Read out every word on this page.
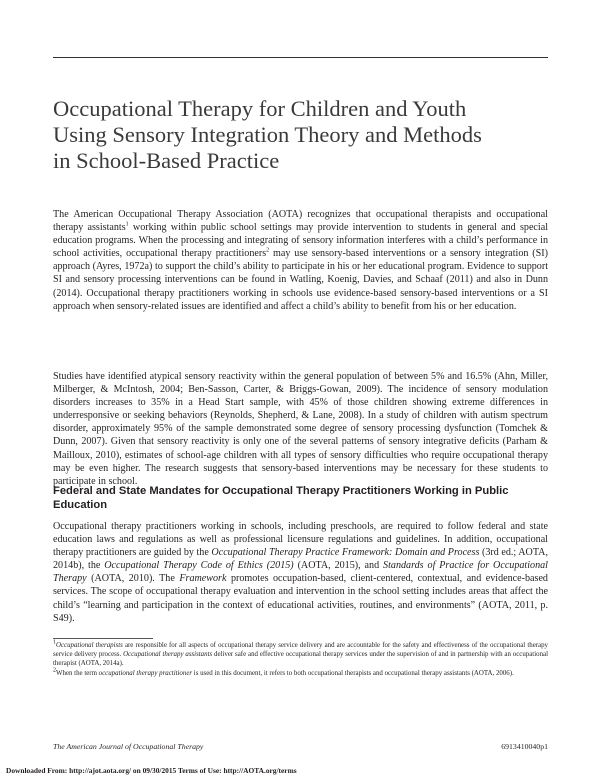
Occupational Therapy for Children and Youth Using Sensory Integration Theory and Methods in School-Based Practice

The American Occupational Therapy Association (AOTA) recognizes that occupational therapists and occupational therapy assistants$^1$ working within public school settings may provide intervention to students in general and special education programs. When the processing and integrating of sensory information interferes with a child’s performance in school activities, occupational therapy practitioners$^2$ may use sensory-based interventions or a sensory integration (SI) approach (Ayres, 1972a) to support the child’s ability to participate in his or her educational program. Evidence to support SI and sensory processing interventions can be found in Watling, Koenig, Davies, and Schaaf (2011) and also in Dunn (2014). Occupational therapy practitioners working in schools use evidence-based sensory-based interventions or a SI approach when sensory-related issues are identified and affect a child’s ability to benefit from his or her education.

Studies have identified atypical sensory reactivity within the general population of between 5% and 16.5% (Ahn, Miller, Milberger, & McIntosh, 2004; Ben-Sasson, Carter, & Briggs-Gowan, 2009). The incidence of sensory modulation disorders increases to 35% in a Head Start sample, with 45% of those children showing extreme differences in underresponsive or seeking behaviors (Reynolds, Shepherd, & Lane, 2008). In a study of children with autism spectrum disorder, approximately 95% of the sample demonstrated some degree of sensory processing dysfunction (Tomchek & Dunn, 2007). Given that sensory reactivity is only one of the several patterns of sensory integrative deficits (Parham & Mailloux, 2010), estimates of school-age children with all types of sensory difficulties who require occupational therapy may be even higher. The research suggests that sensory-based interventions may be necessary for these students to participate in school.

Federal and State Mandates for Occupational Therapy Practitioners Working in Public Education

Occupational therapy practitioners working in schools, including preschools, are required to follow federal and state education laws and regulations as well as professional licensure regulations and guidelines. In addition, occupational therapy practitioners are guided by the Occupational Therapy Practice Framework: Domain and Process (3rd ed.; AOTA, 2014b), the Occupational Therapy Code of Ethics (2015) (AOTA, 2015), and Standards of Practice for Occupational Therapy (AOTA, 2010). The Framework promotes occupation-based, client-centered, contextual, and evidence-based services. The scope of occupational therapy evaluation and intervention in the school setting includes areas that affect the child’s “learning and participation in the context of educational activities, routines, and environments” (AOTA, 2011, p. S49).

$^1$Occupational therapists are responsible for all aspects of occupational therapy service delivery and are accountable for the safety and effectiveness of the occupational therapy service delivery process. Occupational therapy assistants deliver safe and effective occupational therapy services under the supervision of and in partnership with an occupational therapist (AOTA, 2014a).

$^2$When the term occupational therapy practitioner is used in this document, it refers to both occupational therapists and occupational therapy assistants (AOTA, 2006).

The American Journal of Occupational Therapy	6913410040p1
Downloaded From: http://ajot.aota.org/ on 09/30/2015 Terms of Use: http://AOTA.org/terms
